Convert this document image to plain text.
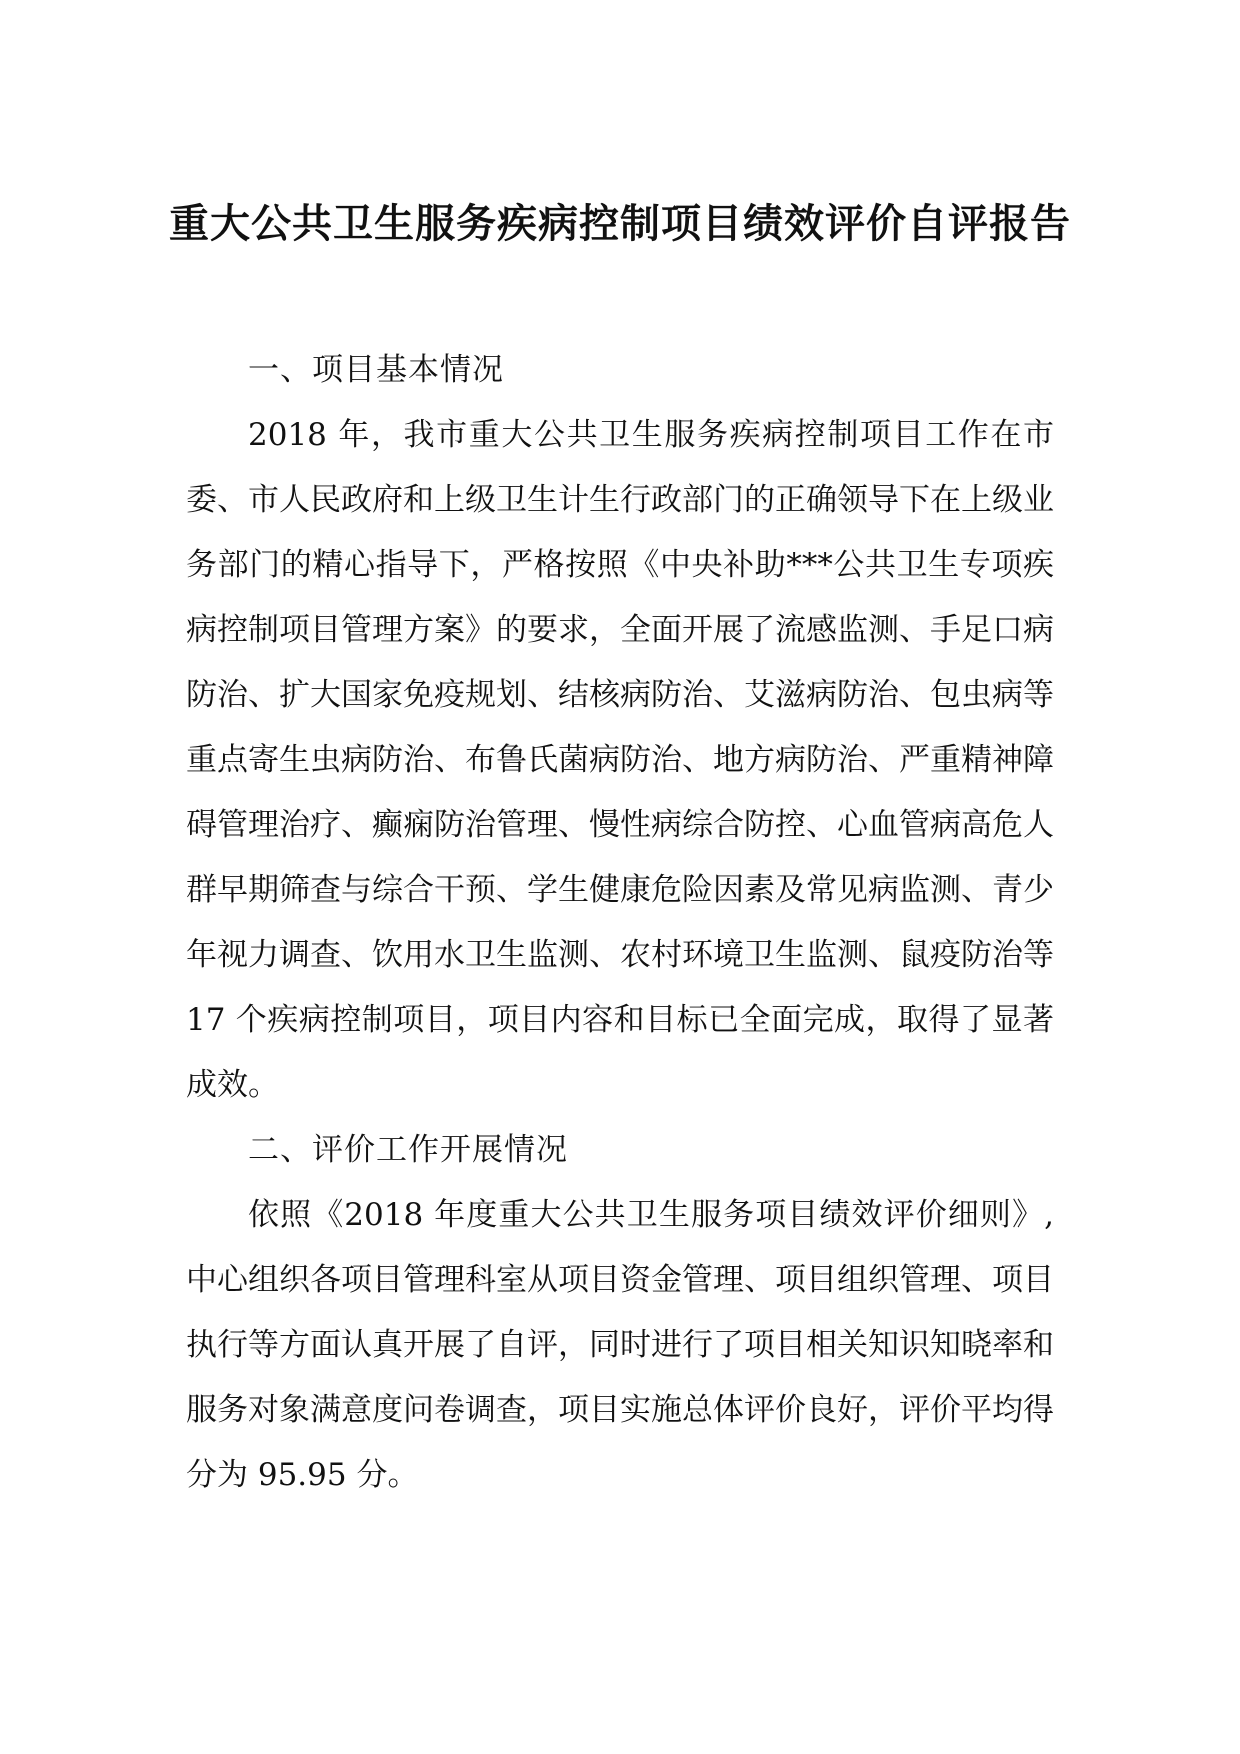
重大公共卫生服务疾病控制项目绩效评价自评报告

一、项目基本情况

2018 年，我市重大公共卫生服务疾病控制项目工作在市委、市人民政府和上级卫生计生行政部门的正确领导下在上级业务部门的精心指导下，严格按照《中央补助***公共卫生专项疾病控制项目管理方案》的要求，全面开展了流感监测、手足口病防治、扩大国家免疫规划、结核病防治、艾滋病防治、包虫病等重点寄生虫病防治、布鲁氏菌病防治、地方病防治、严重精神障碍管理治疗、癫痫防治管理、慢性病综合防控、心血管病高危人群早期筛查与综合干预、学生健康危险因素及常见病监测、青少年视力调查、饮用水卫生监测、农村环境卫生监测、鼠疫防治等 17 个疾病控制项目，项目内容和目标已全面完成，取得了显著成效。

二、评价工作开展情况

依照《2018 年度重大公共卫生服务项目绩效评价细则》,中心组织各项目管理科室从项目资金管理、项目组织管理、项目执行等方面认真开展了自评，同时进行了项目相关知识知晓率和服务对象满意度问卷调查，项目实施总体评价良好，评价平均得分为 95.95 分。
